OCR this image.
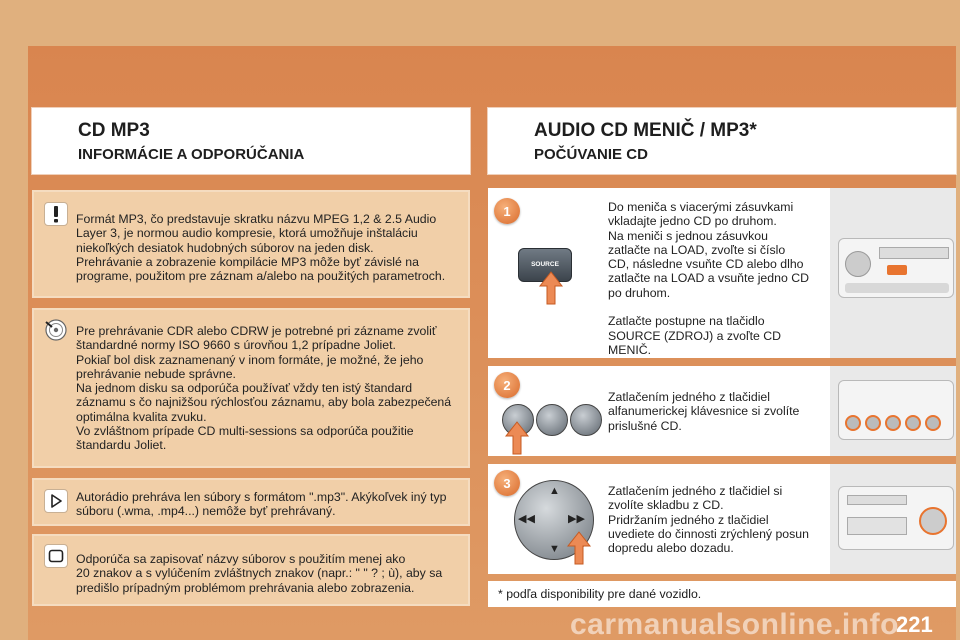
CD MP3
INFORMÁCIE A ODPORÚČANIA
AUDIO CD MENIČ / MP3*
POČÚVANIE CD
Formát MP3, čo predstavuje skratku názvu MPEG 1,2 & 2.5 Audio
Layer 3, je normou audio kompresie, ktorá umožňuje inštaláciu
niekoľkých desiatok hudobných súborov na jeden disk.
Prehrávanie a zobrazenie kompilácie MP3 môže byť závislé na
programe, použitom pre záznam a/alebo na použitých parametroch.
Pre prehrávanie CDR alebo CDRW je potrebné pri zázname zvoliť
štandardné normy ISO 9660 s úrovňou 1,2 prípadne Joliet.
Pokiaľ bol disk zaznamenaný v inom formáte, je možné, že jeho
prehrávanie nebude správne.
Na jednom disku sa odporúča používať vždy ten istý štandard
záznamu s čo najnižšou rýchlosťou záznamu, aby bola zabezpečená
optimálna kvalita zvuku.
Vo zvláštnom prípade CD multi-sessions sa odporúča použitie
štandardu Joliet.
Autorádio prehráva len súbory s formátom ".mp3". Akýkoľvek iný typ
súboru (.wma, .mp4...) nemôže byť prehrávaný.
Odporúča sa zapisovať názvy súborov s použitím menej ako
20 znakov a s vylúčením zvláštnych znakov (napr.: " " ? ; ù), aby sa
predišlo prípadným problémom prehrávania alebo zobrazenia.
1
SOURCE
Do meniča s viacerými zásuvkami
vkladajte jedno CD po druhom.
Na meniči s jednou zásuvkou
zatlačte na LOAD, zvoľte si číslo
CD, následne vsuňte CD alebo dlho
zatlačte na LOAD a vsuňte jedno CD
po druhom.

Zatlačte postupne na tlačidlo
SOURCE (ZDROJ) a zvoľte CD
MENIČ.
2
Zatlačením jedného z tlačidiel
alfanumerickej klávesnice si zvolíte
prislušné CD.
3
▲
▼
◀◀	▶▶
Zatlačením jedného z tlačidiel si
zvolíte skladbu z CD.
Pridržaním jedného z tlačidiel
uvediete do činnosti zrýchlený posun
dopredu alebo dozadu.
* podľa disponibility pre dané vozidlo.
carmanualsonline.info
221
